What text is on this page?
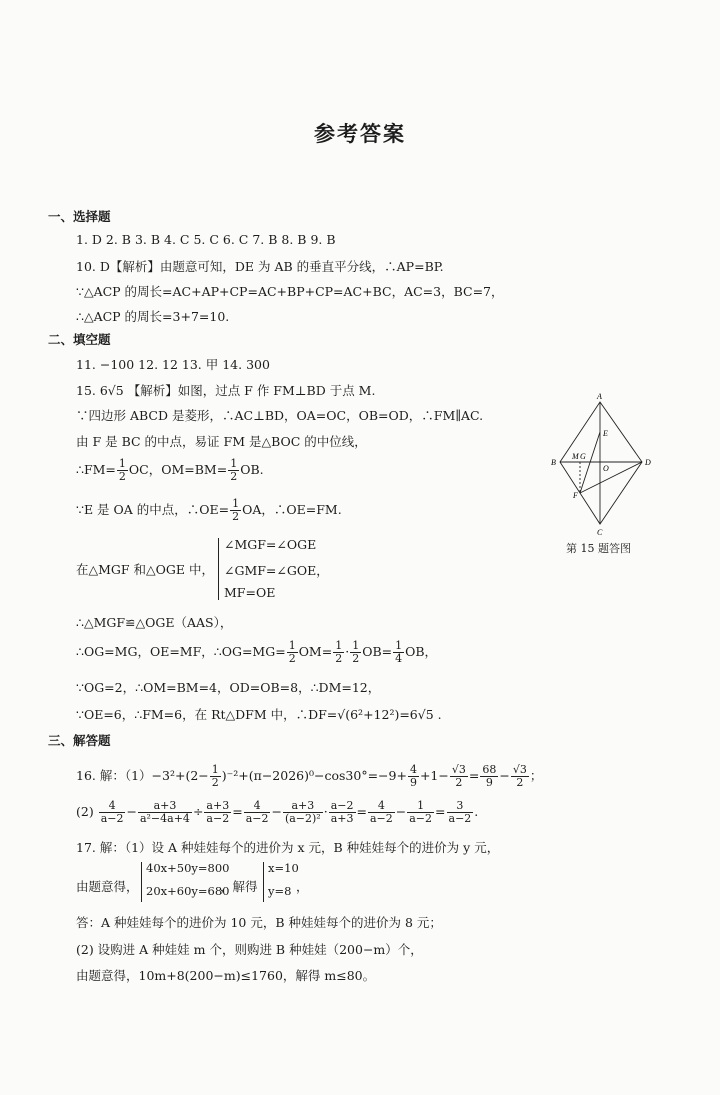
参考答案
一、选择题
1. D 2. B 3. B 4. C 5. C 6. C 7. B 8. B 9. B
10. D【解析】由题意可知，DE 为 AB 的垂直平分线，∴AP=BP.
∵△ACP 的周长=AC+AP+CP=AC+BP+CP=AC+BC，AC=3，BC=7，
∴△ACP 的周长=3+7=10.
二、填空题
11. −100 12. 12 13. 甲 14. 300
15. 6√5 【解析】如图，过点 F 作 FM⊥BD 于点 M.
∵四边形 ABCD 是菱形，∴AC⊥BD，OA=OC，OB=OD，∴FM∥AC.
由 F 是 BC 的中点，易证 FM 是△BOC 的中位线，
∴FM= $\frac{1}{2}$ OC，$OM=BM= \frac{1}{2}$ OB.
∵E 是 OA 的中点，∴OE= $\frac{1}{2}$ OA，∴OE=FM.
在△MGF 和△OGE 中，
∠MGF=∠OGE
∠GMF=∠GOE，
MF=OE
∴△MGF≌△OGE（AAS），
∴OG=MG，OE=MF，∴OG=MG= $\frac{1}{2} OM= \frac{1}{2} \cdot \frac{1}{2} OB= \frac{1}{4}$ OB，
∵OG=2，∴OM=BM=4，OD=OB=8，∴DM=12，
∵OE=6，∴FM=6，在 Rt△DFM 中，∴DF=√(6²+12²)=6√5 .
三、解答题
16. 解：$(1)-3^2+(2- \frac{1}{2} )^{-2}+(\pi-2026)^0-\cos 30^\circ=-9+ \frac{4}{9} +1- \frac{√3}{2} = \frac{68}{9} - \frac{√3}{2}$ ；
$(2) \frac{4}{a-2} - \frac{a+3}{\text{a²−4a+4}} \div \frac{a+3}{a-2} = \frac{4}{a-2} - \frac{a+3}{\text{(a−2)²}} \cdot \frac{a-2}{a+3} = \frac{4}{a-2} - \frac{1}{a-2} = \frac{3}{a-2}$ .
17. 解：（1）设 A 种娃娃每个的进价为 x 元，B 种娃娃每个的进价为 y 元，
由题意得，
40x+50y=800
20x+60y=680
，解得
x=10
y=8 ，
答：A 种娃娃每个的进价为 10 元，B 种娃娃每个的进价为 8 元；
(2) 设购进 A 种娃娃 m 个，则购进 B 种娃娃（200−m）个，
由题意得，10m+8(200−m)≤1760，解得 m≤80。
A
B
C
D
E
M G
O
F
第 15 题答图
